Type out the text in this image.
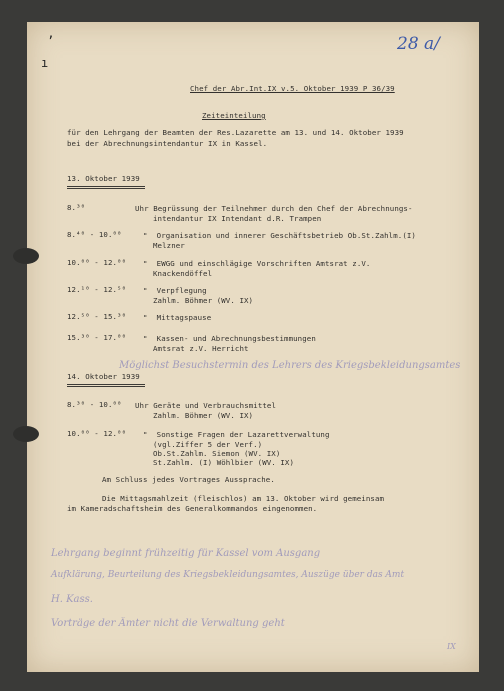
’
ı
28 a/
Chef der Abr.Int.IX v.5. Oktober 1939 P 36/39
Zeiteinteilung
für den Lehrgang der Beamten der Res.Lazarette am 13. und 14. Oktober 1939
bei der Abrechnungsintendantur IX in Kassel.
13. Oktober 1939
8.³⁰	Uhr Begrüssung der Teilnehmer durch den Chef der Abrechnungs-
intendantur IX Intendant d.R. Trampen
8.⁴⁰ - 10.⁰⁰	"  Organisation und innerer Geschäftsbetrieb Ob.St.Zahlm.(I)
Melzner
10.⁰⁰ - 12.⁰⁰ "  EWGG und einschlägige Vorschriften Amtsrat z.V.
Knackendöffel
12.¹⁰ - 12.⁵⁰ "  Verpflegung
Zahlm. Böhmer (WV. IX)
12.⁵⁰ - 15.³⁰ "  Mittagspause
15.³⁰ - 17.⁰⁰ "  Kassen- und Abrechnungsbestimmungen
Amtsrat z.V. Herricht
Möglichst Besuchstermin des Lehrers des Kriegsbekleidungsamtes
14. Oktober 1939
8.³⁰ - 10.⁰⁰ Uhr Geräte und Verbrauchsmittel
Zahlm. Böhmer (WV. IX)
10.⁰⁰ - 12.⁰⁰ "  Sonstige Fragen der Lazarettverwaltung
(vgl.Ziffer 5 der Verf.)
Ob.St.Zahlm. Siemon (WV. IX)
St.Zahlm. (I) Wöhlbier (WV. IX)
Am Schluss jedes Vortrages Aussprache.
Die Mittagsmahlzeit (fleischlos) am 13. Oktober wird gemeinsam
im Kameradschaftsheim des Generalkommandos eingenommen.
Lehrgang beginnt frühzeitig für Kassel vom Ausgang
Aufklärung, Beurteilung des Kriegsbekleidungsamtes, Auszüge über das Amt
H. Kass.
Vorträge der Ämter nicht die Verwaltung geht
IX
